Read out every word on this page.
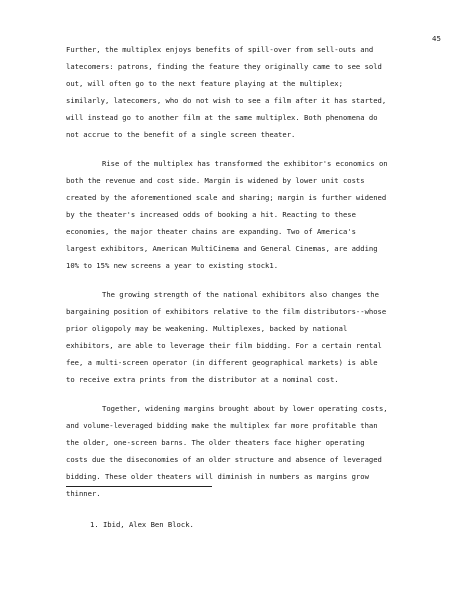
45
Further, the multiplex enjoys benefits of spill-over from sell-outs and
latecomers: patrons, finding the feature they originally came to see sold
out, will often go to the next feature playing at the multiplex;
similarly, latecomers, who do not wish to see a film after it has started,
will instead go to another film at the same multiplex. Both phenomena do
not accrue to the benefit of a single screen theater.
Rise of the multiplex has transformed the exhibitor's economics on
both the revenue and cost side. Margin is widened by lower unit costs
created by the aforementioned scale and sharing; margin is further widened
by the theater's increased odds of booking a hit. Reacting to these
economies, the major theater chains are expanding. Two of America's
largest exhibitors, American MultiCinema and General Cinemas, are adding
10% to 15% new screens a year to existing stock1.
The growing strength of the national exhibitors also changes the
bargaining position of exhibitors relative to the film distributors--whose
prior oligopoly may be weakening. Multiplexes, backed by national
exhibitors, are able to leverage their film bidding. For a certain rental
fee, a multi-screen operator (in different geographical markets) is able
to receive extra prints from the distributor at a nominal cost.
Together, widening margins brought about by lower operating costs,
and volume-leveraged bidding make the multiplex far more profitable than
the older, one-screen barns. The older theaters face higher operating
costs due the diseconomies of an older structure and absence of leveraged
bidding. These older theaters will diminish in numbers as margins grow
thinner.
1. Ibid, Alex Ben Block.
